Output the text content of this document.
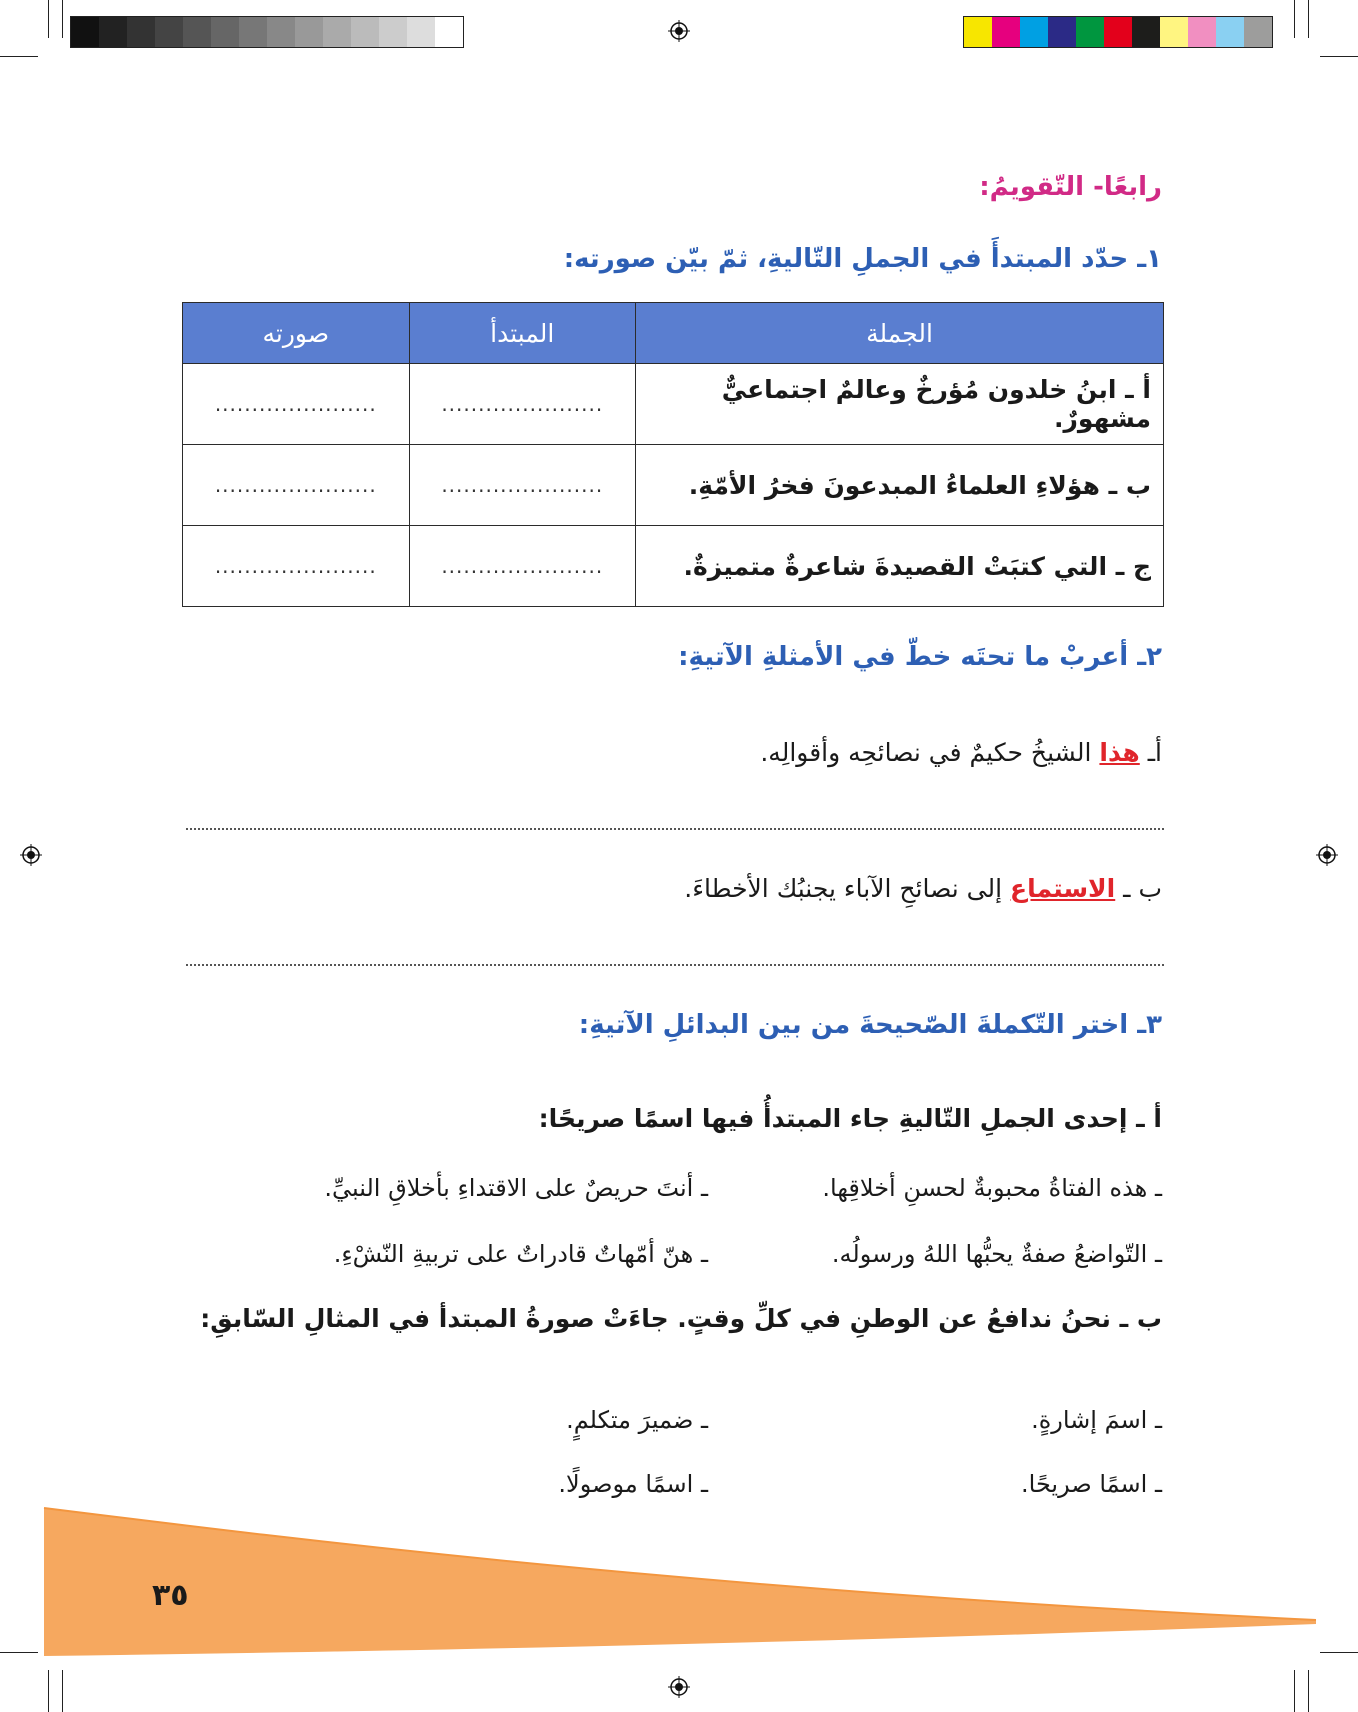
رابعًا- التّقويمُ:
١ـ حدّد المبتدأَ في الجملِ التّاليةِ، ثمّ بيّن صورته:
الجملة	المبتدأ	صورته
أ ـ ابنُ خلدون مُؤرخٌ وعالمٌ اجتماعيٌّ مشهورٌ.	......................	......................
ب ـ هؤلاءِ العلماءُ المبدعونَ فخرُ الأمّةِ.	......................	......................
ج ـ التي كتبَتْ القصيدةَ شاعرةٌ متميزةٌ.	......................	......................
٢ـ أعربْ ما تحتَه خطّ في الأمثلةِ الآتيةِ:
أـ هذا الشيخُ حكيمٌ في نصائحِه وأقوالِه.
ب ـ الاستماع إلى نصائحِ الآباء يجنبُك الأخطاءَ.
٣ـ اختر التّكملةَ الصّحيحةَ من بين البدائلِ الآتيةِ:
أ ـ إحدى الجملِ التّاليةِ جاء المبتدأُ فيها اسمًا صريحًا:
ـ هذه الفتاةُ محبوبةٌ لحسنِ أخلاقِها.
ـ أنتَ حريصٌ على الاقتداءِ بأخلاقِ النبيِّ.
ـ التّواضعُ صفةٌ يحبُّها اللهُ ورسولُه.
ـ هنّ أمّهاتٌ قادراتٌ على تربيةِ النّشْءِ.
ب ـ نحنُ ندافعُ عن الوطنِ في كلِّ وقتٍ. جاءَتْ صورةُ المبتدأ في المثالِ السّابقِ:
ـ اسمَ إشارةٍ.
ـ ضميرَ متكلمٍ.
ـ اسمًا صريحًا.
ـ اسمًا موصولًا.
٣٥
